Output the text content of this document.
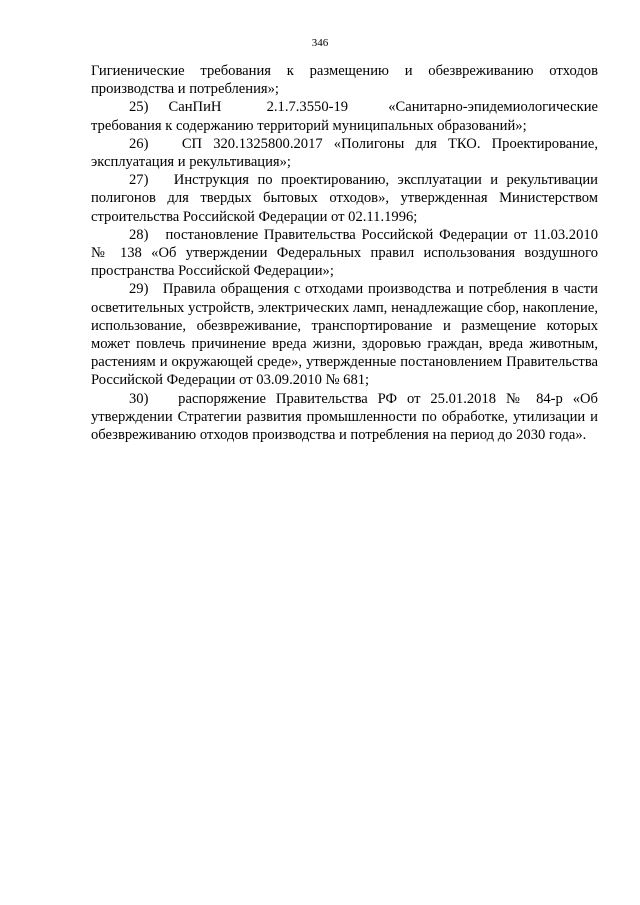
346

Гигиенические требования к размещению и обезвреживанию отходов производства и потребления»;

25)    СанПиН         2.1.7.3550-19        «Санитарно-эпидемиологические требования к содержанию территорий муниципальных образований»;

26)   СП 320.1325800.2017 «Полигоны для ТКО. Проектирование, эксплуатация и рекультивация»;

27)   Инструкция по проектированию, эксплуатации и рекультивации полигонов для твердых бытовых отходов», утвержденная Министерством строительства Российской Федерации от 02.11.1996;

28)   постановление Правительства Российской Федерации от 11.03.2010 № 138 «Об утверждении Федеральных правил использования воздушного пространства Российской Федерации»;

29)   Правила обращения с отходами производства и потребления в части осветительных устройств, электрических ламп, ненадлежащие сбор, накопление, использование, обезвреживание, транспортирование и размещение которых может повлечь причинение вреда жизни, здоровью граждан, вреда животным, растениям и окружающей среде», утвержденные постановлением Правительства Российской Федерации от 03.09.2010 № 681;

30)   распоряжение Правительства РФ от 25.01.2018 № 84-р «Об утверждении Стратегии развития промышленности по обработке, утилизации и обезвреживанию отходов производства и потребления на период до 2030 года».
